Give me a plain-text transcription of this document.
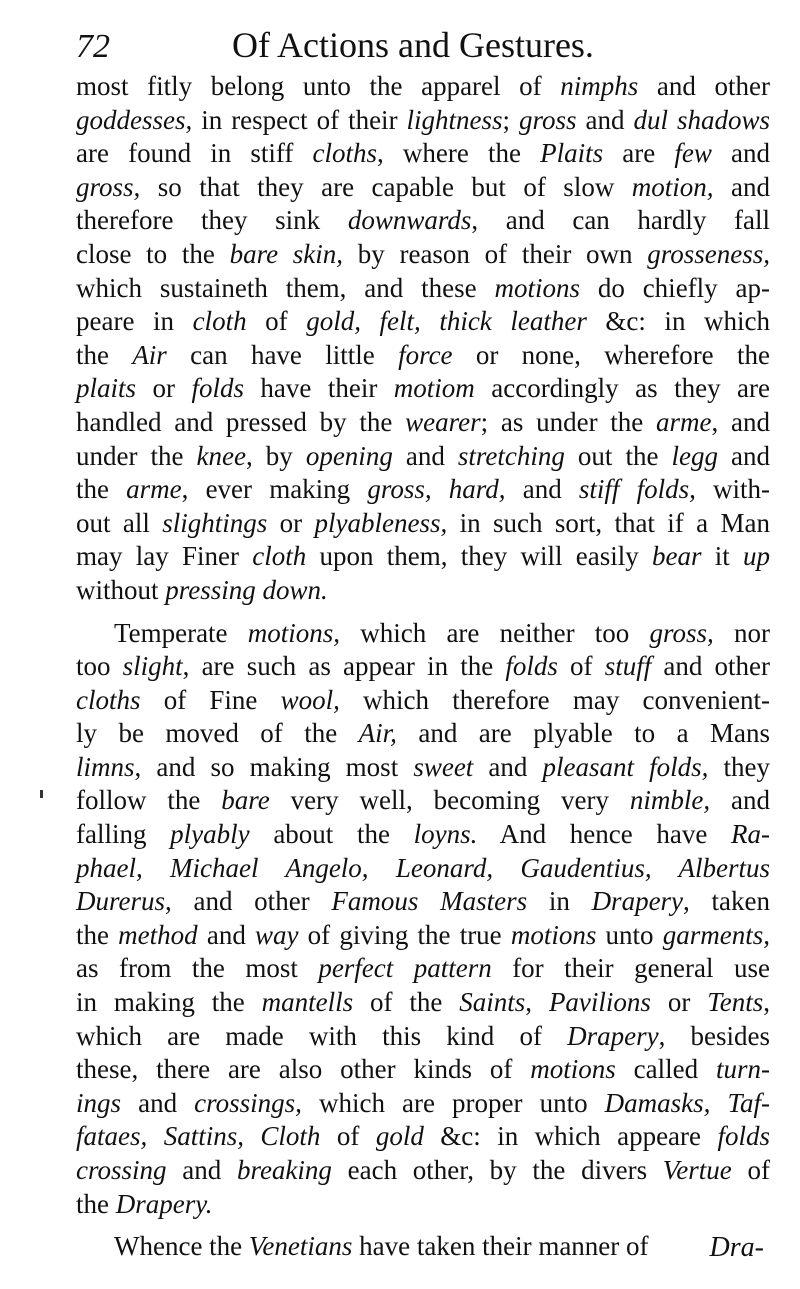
72	Of Actions and Gestures.
most fitly belong unto the apparel of nimphs and other
goddesses, in respect of their lightness; gross and dul shadows
are found in stiff cloths, where the Plaits are few and
gross, so that they are capable but of slow motion, and
therefore they sink downwards, and can hardly fall
close to the bare skin, by reason of their own grosseness,
which sustaineth them, and these motions do chiefly ap-
peare in cloth of gold, felt, thick leather &c: in which
the Air can have little force or none, wherefore the
plaits or folds have their motiom accordingly as they are
handled and pressed by the wearer; as under the arme, and
under the knee, by opening and stretching out the legg and
the arme, ever making gross, hard, and stiff folds, with-
out all slightings or plyableness, in such sort, that if a Man
may lay Finer cloth upon them, they will easily bear it up
without pressing down.
Temperate motions, which are neither too gross, nor
too slight, are such as appear in the folds of stuff and other
cloths of Fine wool, which therefore may convenient-
ly be moved of the Air, and are plyable to a Mans
limns, and so making most sweet and pleasant folds, they
follow the bare very well, becoming very nimble, and
falling plyably about the loyns. And hence have Ra-
phael, Michael Angelo, Leonard, Gaudentius, Albertus
Durerus, and other Famous Masters in Drapery, taken
the method and way of giving the true motions unto garments,
as from the most perfect pattern for their general use
in making the mantells of the Saints, Pavilions or Tents,
which are made with this kind of Drapery, besides
these, there are also other kinds of motions called turn-
ings and crossings, which are proper unto Damasks, Taf-
fataes, Sattins, Cloth of gold &c: in which appeare folds
crossing and breaking each other, by the divers Vertue of
the Drapery.
Whence the Venetians have taken their manner of	Dra-
